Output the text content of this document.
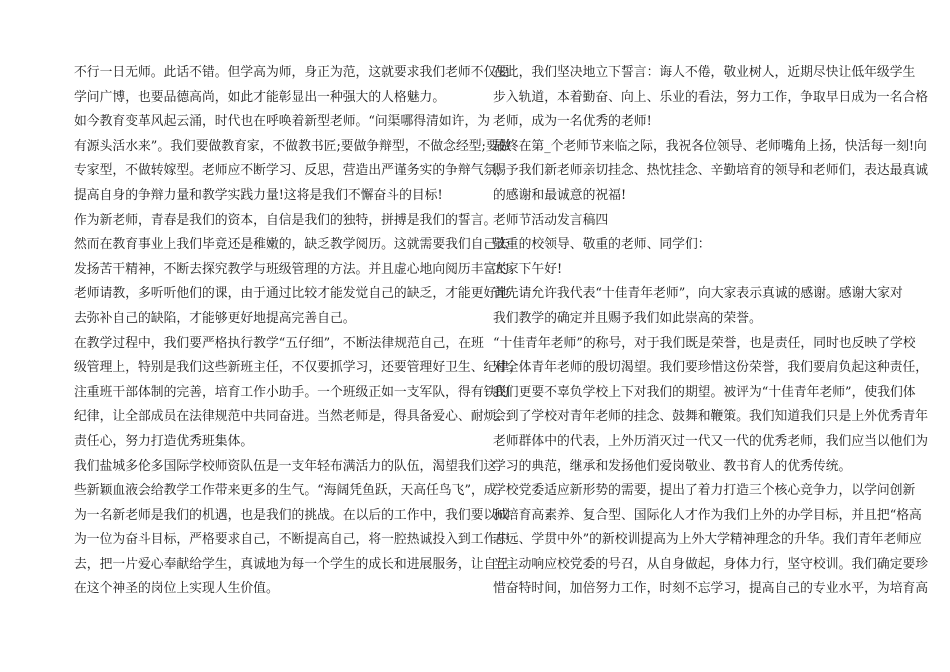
不行一日无师。此话不错。但学高为师，身正为范，这就要求我们老师不仅要
学问广博，也要品德高尚，如此才能彰显出一种强大的人格魅力。
如今教育变革风起云涌，时代也在呼唤着新型老师。“问渠哪得清如许，为
有源头活水来”。我们要做教育家，不做教书匠;要做争辩型，不做念经型;要做
专家型，不做转嫁型。老师应不断学习、反思，营造出严谨务实的争辩气氛，
提高自身的争辩力量和教学实践力量!这将是我们不懈奋斗的目标!
作为新老师，青春是我们的资本，自信是我们的独特，拼搏是我们的誓言。
然而在教育事业上我们毕竟还是稚嫩的，缺乏教学阅历。这就需要我们自己去
发扬苦干精神，不断去探究教学与班级管理的方法。并且虚心地向阅历丰富的
老师请教，多听听他们的课，由于通过比较才能发觉自己的缺乏，才能更好地
去弥补自己的缺陷，才能够更好地提高完善自己。
在教学过程中，我们要严格执行教学“五仔细”，不断法律规范自己，在班
级管理上，特别是我们这些新班主任，不仅要抓学习，还要管理好卫生、纪律，
注重班干部体制的完善，培育工作小助手。一个班级正如一支军队，得有铁的
纪律，让全部成员在法律规范中共同奋进。当然老师是，得具备爱心、耐烦、
责任心，努力打造优秀班集体。
我们盐城多伦多国际学校师资队伍是一支年轻布满活力的队伍，渴望我们这
些新颖血液会给教学工作带来更多的生气。“海阔凭鱼跃，天高任鸟飞”，成
为一名新老师是我们的机遇，也是我们的挑战。在以后的工作中，我们要以成
为一位为奋斗目标，严格要求自己，不断提高自己，将一腔热诚投入到工作中
去，把一片爱心奉献给学生，真诚地为每一个学生的成长和进展服务，让自己
在这个神圣的岗位上实现人生价值。
在此，我们坚决地立下誓言：诲人不倦，敬业树人，近期尽快让低年级学生
步入轨道，本着勤奋、向上、乐业的看法，努力工作，争取早日成为一名合格
老师，成为一名优秀的老师!
最终在第_个老师节来临之际，我祝各位领导、老师嘴角上扬，快活每一刻!向
赐予我们新老师亲切挂念、热忱挂念、辛勤培育的领导和老师们，表达最真诚
的感谢和最诚意的祝福!
老师节活动发言稿四
敬重的校领导、敬重的老师、同学们：
大家下午好!
首先请允许我代表“十佳青年老师”，向大家表示真诚的感谢。感谢大家对
我们教学的确定并且赐予我们如此崇高的荣誉。
“十佳青年老师”的称号，对于我们既是荣誉，也是责任，同时也反映了学校
对全体青年老师的殷切渴望。我们要珍惜这份荣誉，我们要肩负起这种责任，
我们更要不辜负学校上下对我们的期望。被评为“十佳青年老师”，使我们体
会到了学校对青年老师的挂念、鼓舞和鞭策。我们知道我们只是上外优秀青年
老师群体中的代表，上外历消灭过一代又一代的优秀老师，我们应当以他们为
学习的典范，继承和发扬他们爱岗敬业、教书育人的优秀传统。
学校党委适应新形势的需要，提出了着力打造三个核心竞争力，以学问创新
和培育高素养、复合型、国际化人才作为我们上外的办学目标，并且把“格高
志远、学贯中外”的新校训提高为上外大学精神理念的升华。我们青年老师应
当主动响应校党委的号召，从自身做起，身体力行，坚守校训。我们确定要珍
惜奋特时间，加倍努力工作，时刻不忘学习，提高自己的专业水平，为培育高
